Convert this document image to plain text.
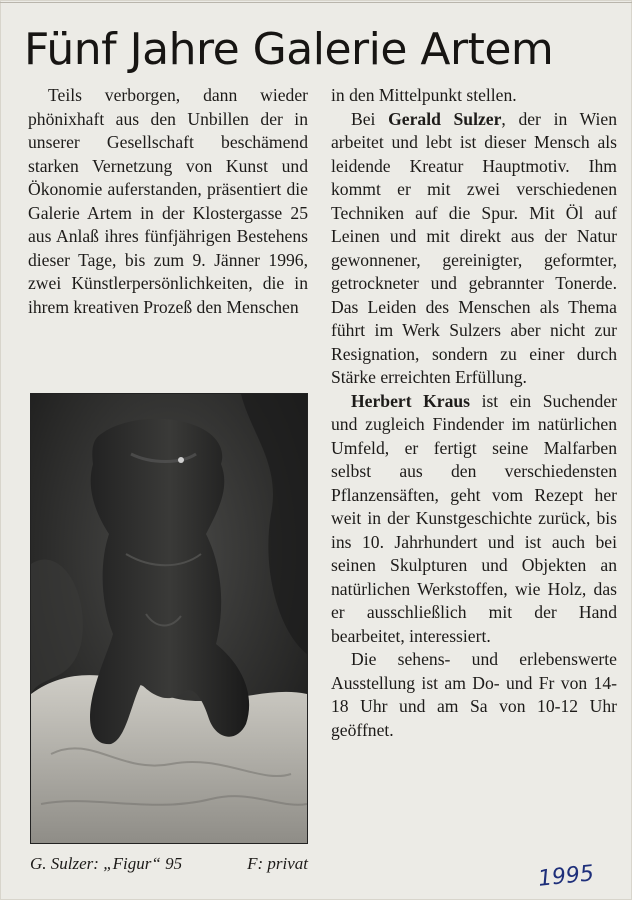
Fünf Jahre Galerie Artem

Teils verborgen, dann wieder phönixhaft aus den Unbillen der in unserer Gesellschaft beschämend starken Vernetzung von Kunst und Ökonomie auferstanden, präsentiert die Galerie Artem in der Klostergasse 25 aus Anlaß ihres fünfjährigen Bestehens dieser Tage, bis zum 9. Jänner 1996, zwei Künstlerpersönlichkeiten, die in ihrem kreativen Prozeß den Menschen

G. Sulzer: „Figur“ 95	F: privat

in den Mittelpunkt stellen.

Bei Gerald Sulzer, der in Wien arbeitet und lebt ist dieser Mensch als leidende Kreatur Hauptmotiv. Ihm kommt er mit zwei verschiedenen Techniken auf die Spur. Mit Öl auf Leinen und mit direkt aus der Natur gewonnener, gereinigter, geformter, getrockneter und gebrannter Tonerde. Das Leiden des Menschen als Thema führt im Werk Sulzers aber nicht zur Resignation, sondern zu einer durch Stärke erreichten Erfüllung.

Herbert Kraus ist ein Suchender und zugleich Findender im natürlichen Umfeld, er fertigt seine Malfarben selbst aus den verschiedensten Pflanzensäften, geht vom Rezept her weit in der Kunstgeschichte zurück, bis ins 10. Jahrhundert und ist auch bei seinen Skulpturen und Objekten an natürlichen Werkstoffen, wie Holz, das er ausschließlich mit der Hand bearbeitet, interessiert.

Die sehens- und erlebenswerte Ausstellung ist am Do- und Fr von 14-18 Uhr und am Sa von 10-12 Uhr geöffnet.

1995
